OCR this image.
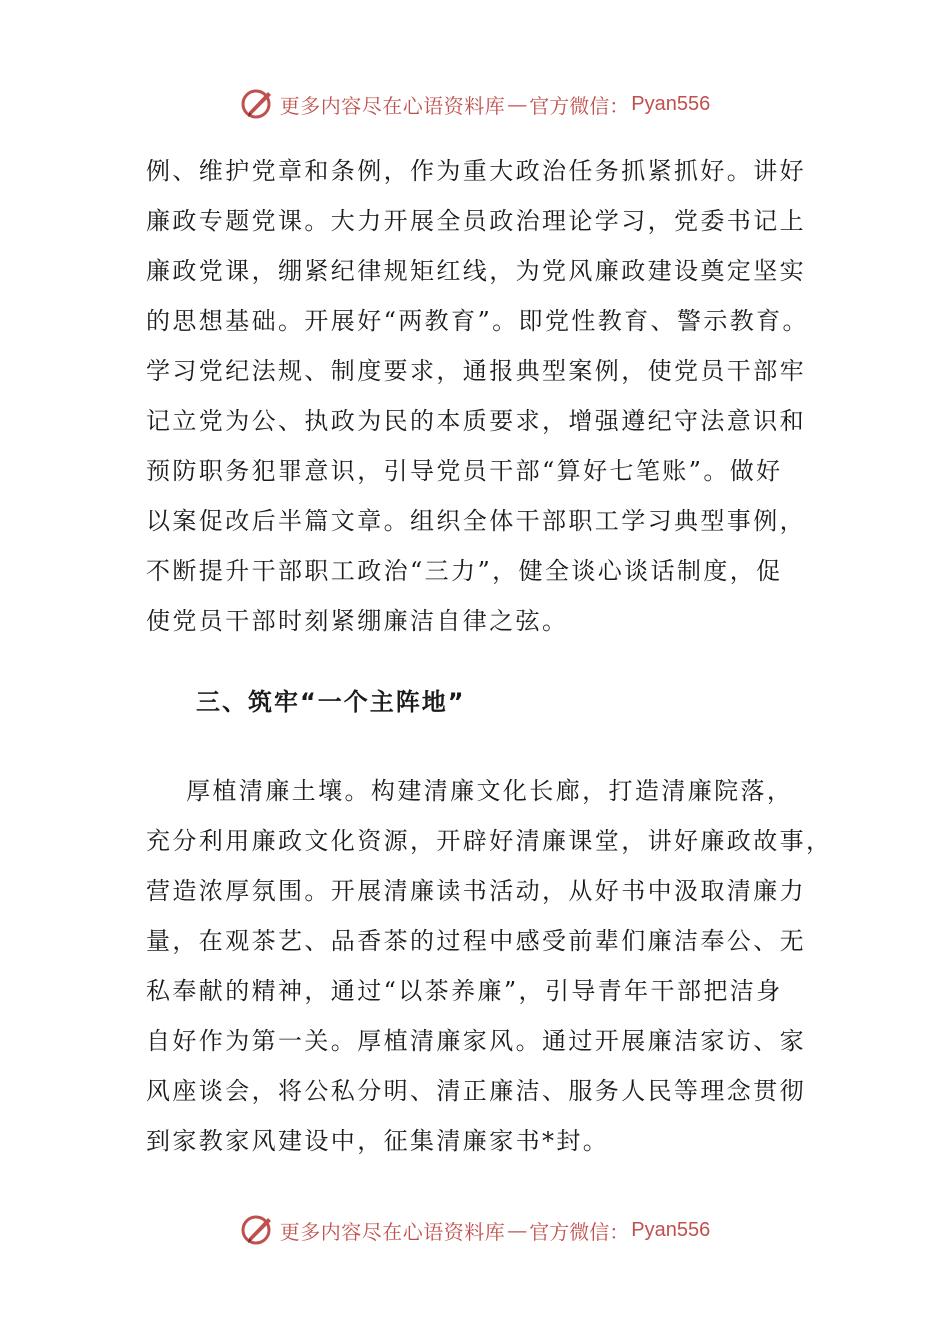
更多内容尽在心语资料库 — 官方微信： Pyan556

例、维护党章和条例，作为重大政治任务抓紧抓好。讲好
廉政专题党课。大力开展全员政治理论学习，党委书记上
廉政党课，绷紧纪律规矩红线，为党风廉政建设奠定坚实
的思想基础。开展好“两教育”。即党性教育、警示教育。
学习党纪法规、制度要求，通报典型案例，使党员干部牢
记立党为公、执政为民的本质要求，增强遵纪守法意识和
预防职务犯罪意识，引导党员干部“算好七笔账”。做好
以案促改后半篇文章。组织全体干部职工学习典型事例，
不断提升干部职工政治“三力”，健全谈心谈话制度，促
使党员干部时刻紧绷廉洁自律之弦。

三、筑牢“一个主阵地”

厚植清廉土壤。构建清廉文化长廊，打造清廉院落，
充分利用廉政文化资源，开辟好清廉课堂，讲好廉政故事，
营造浓厚氛围。开展清廉读书活动，从好书中汲取清廉力
量，在观茶艺、品香茶的过程中感受前辈们廉洁奉公、无
私奉献的精神，通过“以茶养廉”，引导青年干部把洁身
自好作为第一关。厚植清廉家风。通过开展廉洁家访、家
风座谈会，将公私分明、清正廉洁、服务人民等理念贯彻
到家教家风建设中，征集清廉家书*封。

更多内容尽在心语资料库 — 官方微信： Pyan556
